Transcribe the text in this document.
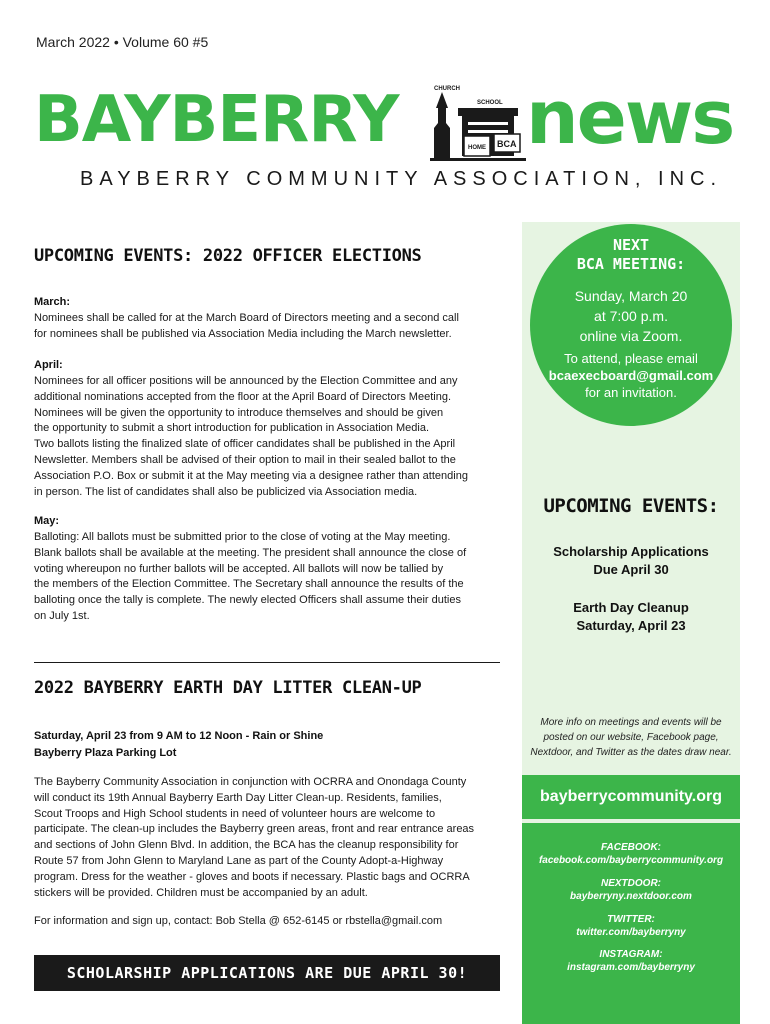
March 2022 • Volume 60 #5
BAYBERRY	CHURCH
SCHOOL
HOME BCA news
BAYBERRY COMMUNITY ASSOCIATION, INC.
UPCOMING EVENTS: 2022 OFFICER ELECTIONS
March:
Nominees shall be called for at the March Board of Directors meeting and a second call
for nominees shall be published via Association Media including the March newsletter.
April:
Nominees for all officer positions will be announced by the Election Committee and any
additional nominations accepted from the floor at the April Board of Directors Meeting.
Nominees will be given the opportunity to introduce themselves and should be given
the opportunity to submit a short introduction for publication in Association Media.
Two ballots listing the finalized slate of officer candidates shall be published in the April
Newsletter. Members shall be advised of their option to mail in their sealed ballot to the
Association P.O. Box or submit it at the May meeting via a designee rather than attending
in person. The list of candidates shall also be publicized via Association media.
May:
Balloting: All ballots must be submitted prior to the close of voting at the May meeting.
Blank ballots shall be available at the meeting. The president shall announce the close of
voting whereupon no further ballots will be accepted. All ballots will now be tallied by
the members of the Election Committee. The Secretary shall announce the results of the
balloting once the tally is complete. The newly elected Officers shall assume their duties
on July 1st.
2022 BAYBERRY EARTH DAY LITTER CLEAN-UP
Saturday, April 23 from 9 AM to 12 Noon - Rain or Shine
Bayberry Plaza Parking Lot
The Bayberry Community Association in conjunction with OCRRA and Onondaga County
will conduct its 19th Annual Bayberry Earth Day Litter Clean-up. Residents, families,
Scout Troops and High School students in need of volunteer hours are welcome to
participate. The clean-up includes the Bayberry green areas, front and rear entrance areas
and sections of John Glenn Blvd. In addition, the BCA has the cleanup responsibility for
Route 57 from John Glenn to Maryland Lane as part of the County Adopt-a-Highway
program. Dress for the weather - gloves and boots if necessary. Plastic bags and OCRRA
stickers will be provided. Children must be accompanied by an adult.
For information and sign up, contact: Bob Stella @ 652-6145 or rbstella@gmail.com
SCHOLARSHIP APPLICATIONS ARE DUE APRIL 30!
NEXT
BCA MEETING:
Sunday, March 20
at 7:00 p.m.
online via Zoom.
To attend, please email
bcaexecboard@gmail.com
for an invitation.
UPCOMING EVENTS:
Scholarship Applications
Due April 30
Earth Day Cleanup
Saturday, April 23
More info on meetings and events will be
posted on our website, Facebook page,
Nextdoor, and Twitter as the dates draw near.
bayberrycommunity.org
FACEBOOK:
facebook.com/bayberrycommunity.org
NEXTDOOR:
bayberryny.nextdoor.com
TWITTER:
twitter.com/bayberryny
INSTAGRAM:
instagram.com/bayberryny
